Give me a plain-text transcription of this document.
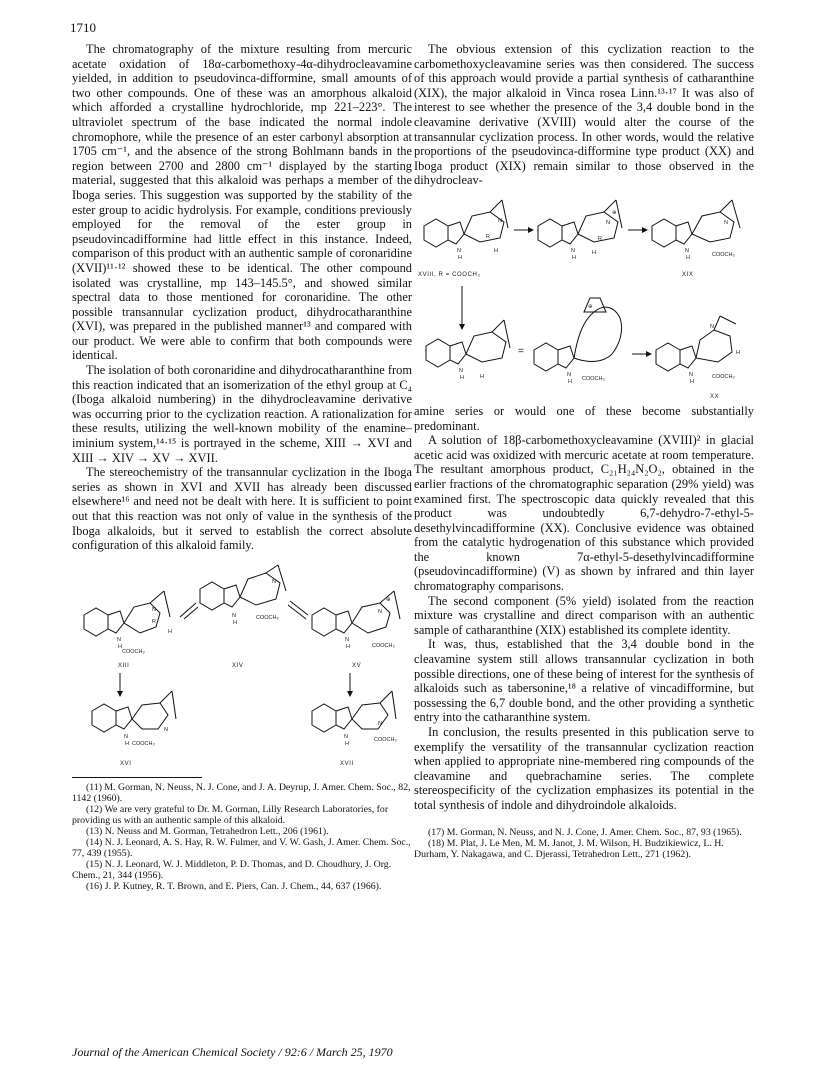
1710

The chromatography of the mixture resulting from mercuric acetate oxidation of 18α-carbomethoxy-4α-dihydrocleavamine yielded, in addition to pseudovinca-difformine, small amounts of two other compounds. One of these was an amorphous alkaloid which afforded a crystalline hydrochloride, mp 221–223°. The ultraviolet spectrum of the base indicated the normal indole chromophore, while the presence of an ester carbonyl absorption at 1705 cm⁻¹, and the absence of the strong Bohlmann bands in the region between 2700 and 2800 cm⁻¹ displayed by the starting material, suggested that this alkaloid was perhaps a member of the Iboga series. This suggestion was supported by the stability of the ester group to acidic hydrolysis. For example, conditions previously employed for the removal of the ester group in pseudovincadifformine had little effect in this instance. Indeed, comparison of this product with an authentic sample of coronaridine (XVII)¹¹·¹² showed these to be identical. The other compound isolated was crystalline, mp 143–145.5°, and showed similar spectral data to those mentioned for coronaridine. The other possible transannular cyclization product, dihydrocatharanthine (XVI), was prepared in the published manner¹³ and compared with our product. We were able to confirm that both compounds were identical.

The isolation of both coronaridine and dihydrocatharanthine from this reaction indicated that an isomerization of the ethyl group at C₄ (Iboga alkaloid numbering) in the dihydrocleavamine derivative was occurring prior to the cyclization reaction. A rationalization for these results, utilizing the well-known mobility of the enamine–iminium system,¹⁴·¹⁵ is portrayed in the scheme, XIII → XVI and XIII → XIV → XV → XVII.

The stereochemistry of the transannular cyclization in the Iboga series as shown in XVI and XVII has already been discussed elsewhere¹⁶ and need not be dealt with here. It is sufficient to point out that this reaction was not only of value in the synthesis of the Iboga alkaloids, but it served to establish the correct absolute configuration of this alkaloid family.

N
H
N
R
COOCH₃
H
XIII
N
H
N
COOCH₃
XIV
N
H
⊕
N
COOCH₃
XV
N
H
N
COOCH₃
XVI
N
H
N
COOCH₃
XVII

(11) M. Gorman, N. Neuss, N. J. Cone, and J. A. Deyrup, J. Amer. Chem. Soc., 82, 1142 (1960).

(12) We are very grateful to Dr. M. Gorman, Lilly Research Laboratories, for providing us with an authentic sample of this alkaloid.

(13) N. Neuss and M. Gorman, Tetrahedron Lett., 206 (1961).

(14) N. J. Leonard, A. S. Hay, R. W. Fulmer, and V. W. Gash, J. Amer. Chem. Soc., 77, 439 (1955).

(15) N. J. Leonard, W. J. Middleton, P. D. Thomas, and D. Choudhury, J. Org. Chem., 21, 344 (1956).

(16) J. P. Kutney, R. T. Brown, and E. Piers, Can. J. Chem., 44, 637 (1966).

The obvious extension of this cyclization reaction to the carbomethoxycleavamine series was then considered. The success of this approach would provide a partial synthesis of catharanthine (XIX), the major alkaloid in Vinca rosea Linn.¹³·¹⁷ It was also of interest to see whether the presence of the 3,4 double bond in the cleavamine derivative (XVIII) would alter the course of the transannular cyclization process. In other words, would the relative proportions of the pseudovinca-difformine type product (XX) and Iboga product (XIX) remain similar to those observed in the dihydrocleav-

N
H
N
R
H
XVIII, R = COOCH₃
N
H
⊕
N
R
H	N
H
N
COOCH₃
XIX
N
H	H
=
⊕
N
H COOCH₃
N
H
N
H
COOCH₃
XX

amine series or would one of these become substantially predominant.

A solution of 18β-carbomethoxycleavamine (XVIII)² in glacial acetic acid was oxidized with mercuric acetate at room temperature. The resultant amorphous product, C₂₁H₂₄N₂O₂, obtained in the earlier fractions of the chromatographic separation (29% yield) was examined first. The spectroscopic data quickly revealed that this product was undoubtedly 6,7-dehydro-7-ethyl-5-desethylvincadifformine (XX). Conclusive evidence was obtained from the catalytic hydrogenation of this substance which provided the known 7α-ethyl-5-desethylvincadifformine (pseudovincadifformine) (V) as shown by infrared and thin layer chromatography comparisons.

The second component (5% yield) isolated from the reaction mixture was crystalline and direct comparison with an authentic sample of catharanthine (XIX) established its complete identity.

It was, thus, established that the 3,4 double bond in the cleavamine system still allows transannular cyclization in both possible directions, one of these being of interest for the synthesis of alkaloids such as tabersonine,¹⁸ a relative of vincadifformine, but possessing the 6,7 double bond, and the other providing a synthetic entry into the catharanthine system.

In conclusion, the results presented in this publication serve to exemplify the versatility of the transannular cyclization reaction when applied to appropriate nine-membered ring compounds of the cleavamine and quebrachamine series. The complete stereospecificity of the cyclization emphasizes its potential in the total synthesis of indole and dihydroindole alkaloids.

(17) M. Gorman, N. Neuss, and N. J. Cone, J. Amer. Chem. Soc., 87, 93 (1965).

(18) M. Plat, J. Le Men, M. M. Janot, J. M. Wilson, H. Budzikiewicz, L. H. Durham, Y. Nakagawa, and C. Djerassi, Tetrahedron Lett., 271 (1962).

Journal of the American Chemical Society / 92:6 / March 25, 1970
